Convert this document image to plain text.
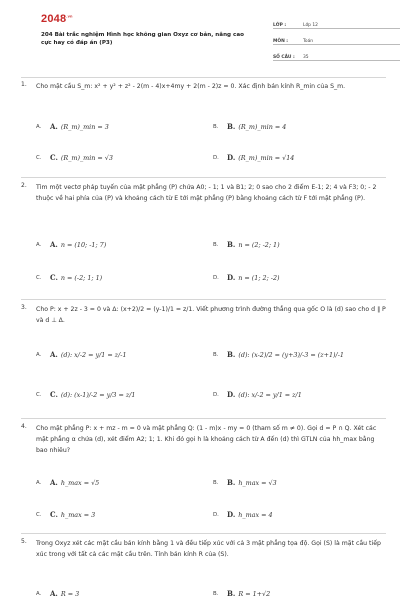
$2048^{.vn}$
204 Bài trắc nghiệm Hình học không gian Oxyz cơ bản, nâng cao cực hay có đáp án (P3)
LỚP :	Lớp 12
MÔN :	Toán
SỐ CÂU :	35
1. Cho mặt cầu S_m: x² + y² + z² - 2(m - 4)x+4my + 2(m - 2)z = 0. Xác định bán kính R_min của S_m.
A.	A. (R_m)_min = 3	B.	B. (R_m)_min = 4
C.	C. (R_m)_min = √3	D.	D. (R_m)_min = √14
2. Tìm một vectơ pháp tuyến của mặt phẳng (P) chứa A0; - 1; 1 và B1; 2; 0 sao cho 2 điểm E-1; 2; 4 và F3; 0; - 2 thuộc về hai phía của (P) và khoảng cách từ E tới mặt phẳng (P) bằng khoảng cách từ F tới mặt phẳng (P).
A.	A. n = (10; -1; 7)	B.	B. n = (2; -2; 1)
C.	C. n = (-2; 1; 1)	D.	D. n = (1; 2; -2)
3. Cho P: x + 2z - 3 = 0 và Δ: (x+2)/2 = (y-1)/1 = z/1. Viết phương trình đường thẳng qua gốc O là (d) sao cho d ∥ P và d ⊥ Δ.
A.	A. (d): x/-2 = y/1 = z/-1	B.	B. (d): (x-2)/2 = (y+3)/-3 = (z+1)/-1
C.	C. (d): (x-1)/-2 = y/3 = z/1	D.	D. (d): x/-2 = y/1 = z/1
4. Cho mặt phẳng P: x + mz - m = 0 và mặt phẳng Q: (1 - m)x - my = 0 (tham số m ≠ 0). Gọi d = P ∩ Q. Xét các mặt phẳng α chứa (d), xét điểm A2; 1; 1. Khi đó gọi h là khoảng cách từ A đến (d) thì GTLN của hh_max bằng bao nhiêu?
A.	A. h_max = √5	B.	B. h_max = √3
C.	C. h_max = 3	D.	D. h_max = 4
5. Trong Oxyz xét các mặt cầu bán kính bằng 1 và đều tiếp xúc với cả 3 mặt phẳng tọa độ. Gọi (S) là mặt cầu tiếp xúc trong với tất cả các mặt cầu trên. Tính bán kính R của (S).
A.	A. R = 3	B.	B. R = 1+√2
